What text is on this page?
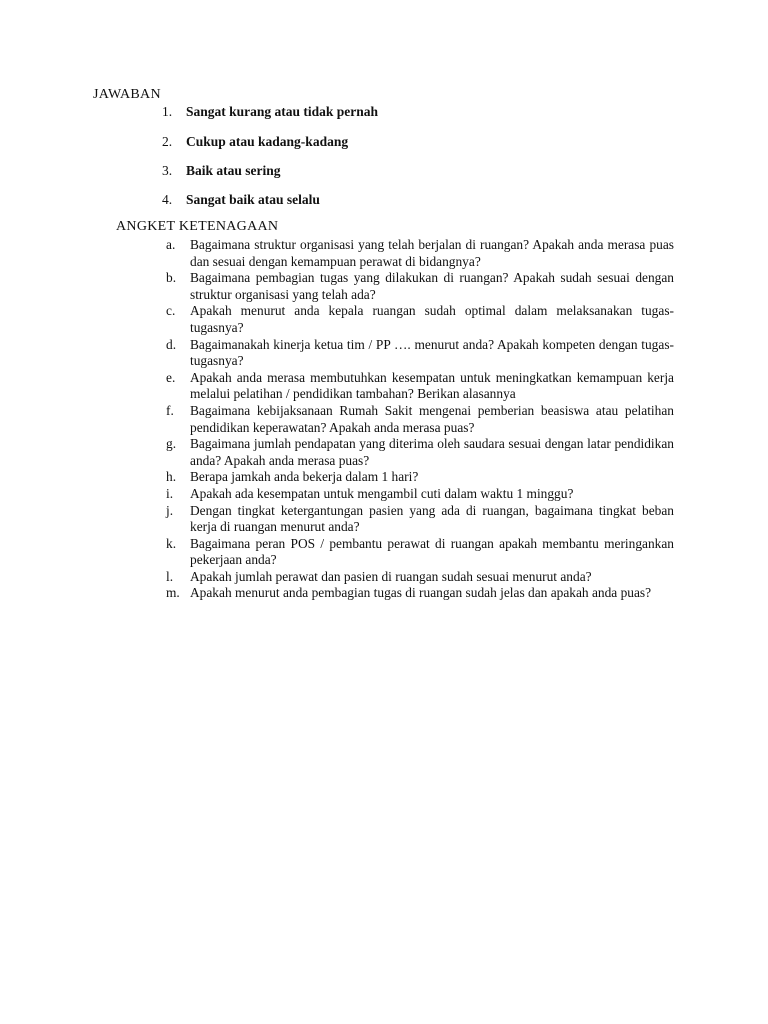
JAWABAN
1.	Sangat kurang atau tidak pernah
2.	Cukup atau kadang-kadang
3.	Baik atau sering
4.	Sangat baik atau selalu
ANGKET KETENAGAAN
a.	Bagaimana struktur organisasi yang telah berjalan di ruangan? Apakah anda merasa puas dan sesuai dengan kemampuan perawat di bidangnya?
b.	Bagaimana pembagian tugas yang dilakukan di ruangan? Apakah sudah sesuai dengan struktur organisasi yang telah ada?
c.	Apakah menurut anda kepala ruangan sudah optimal dalam melaksanakan tugas- tugasnya?
d.	Bagaimanakah kinerja ketua tim / PP …. menurut anda? Apakah kompeten dengan tugas-tugasnya?
e.	Apakah anda merasa membutuhkan kesempatan untuk meningkatkan kemampuan kerja melalui pelatihan / pendidikan tambahan? Berikan alasannya
f.	Bagaimana kebijaksanaan Rumah Sakit mengenai pemberian beasiswa atau pelatihan pendidikan keperawatan? Apakah anda merasa puas?
g.	Bagaimana jumlah pendapatan yang diterima oleh saudara sesuai dengan latar pendidikan anda? Apakah anda merasa puas?
h.	Berapa jamkah anda bekerja dalam 1 hari?
i.	Apakah ada kesempatan untuk mengambil cuti dalam waktu 1 minggu?
j.	Dengan tingkat ketergantungan pasien yang ada di ruangan, bagaimana tingkat beban kerja di ruangan menurut anda?
k.	Bagaimana peran POS / pembantu perawat di ruangan apakah membantu meringankan pekerjaan anda?
l.	Apakah jumlah perawat dan pasien di ruangan sudah sesuai menurut anda?
m. Apakah menurut anda pembagian tugas di ruangan sudah jelas dan apakah anda puas?
